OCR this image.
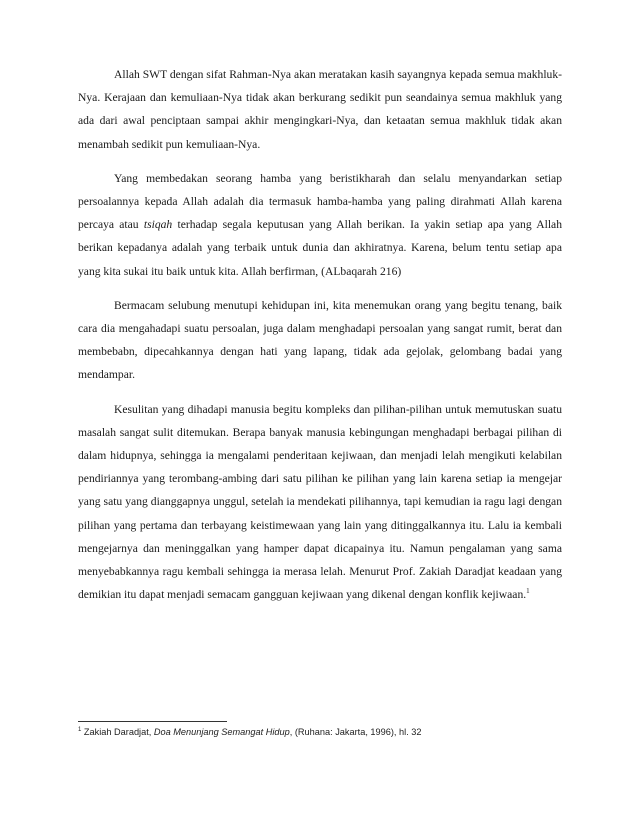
Allah SWT dengan sifat Rahman-Nya akan meratakan kasih sayangnya kepada semua makhluk-Nya. Kerajaan dan kemuliaan-Nya tidak akan berkurang sedikit pun seandainya semua makhluk yang ada dari awal penciptaan sampai akhir mengingkari-Nya, dan ketaatan semua makhluk tidak akan menambah sedikit pun kemuliaan-Nya.

Yang membedakan seorang hamba yang beristikharah dan selalu menyandarkan setiap persoalannya kepada Allah adalah dia termasuk hamba-hamba yang paling dirahmati Allah karena percaya atau tsiqah terhadap segala keputusan yang Allah berikan. Ia yakin setiap apa yang Allah berikan kepadanya adalah yang terbaik untuk dunia dan akhiratnya. Karena, belum tentu setiap apa yang kita sukai itu baik untuk kita. Allah berfirman, (ALbaqarah 216)

Bermacam selubung menutupi kehidupan ini, kita menemukan orang yang begitu tenang, baik cara dia mengahadapi suatu persoalan, juga dalam menghadapi persoalan yang sangat rumit, berat dan membebabn, dipecahkannya dengan hati yang lapang, tidak ada gejolak, gelombang badai yang mendampar.

Kesulitan yang dihadapi manusia begitu kompleks dan pilihan-pilihan untuk memutuskan suatu masalah sangat sulit ditemukan. Berapa banyak manusia kebingungan menghadapi berbagai pilihan di dalam hidupnya, sehingga ia mengalami penderitaan kejiwaan, dan menjadi lelah mengikuti kelabilan pendiriannya yang terombang-ambing dari satu pilihan ke pilihan yang lain karena setiap ia mengejar yang satu yang dianggapnya unggul, setelah ia mendekati pilihannya, tapi kemudian ia ragu lagi dengan pilihan yang pertama dan terbayang keistimewaan yang lain yang ditinggalkannya itu. Lalu ia kembali mengejarnya dan meninggalkan yang hamper dapat dicapainya itu. Namun pengalaman yang sama menyebabkannya ragu kembali sehingga ia merasa lelah. Menurut Prof. Zakiah Daradjat keadaan yang demikian itu dapat menjadi semacam gangguan kejiwaan yang dikenal dengan konflik kejiwaan.$^1$

$^1$ Zakiah Daradjat, Doa Menunjang Semangat Hidup, (Ruhana: Jakarta, 1996), hl. 32
